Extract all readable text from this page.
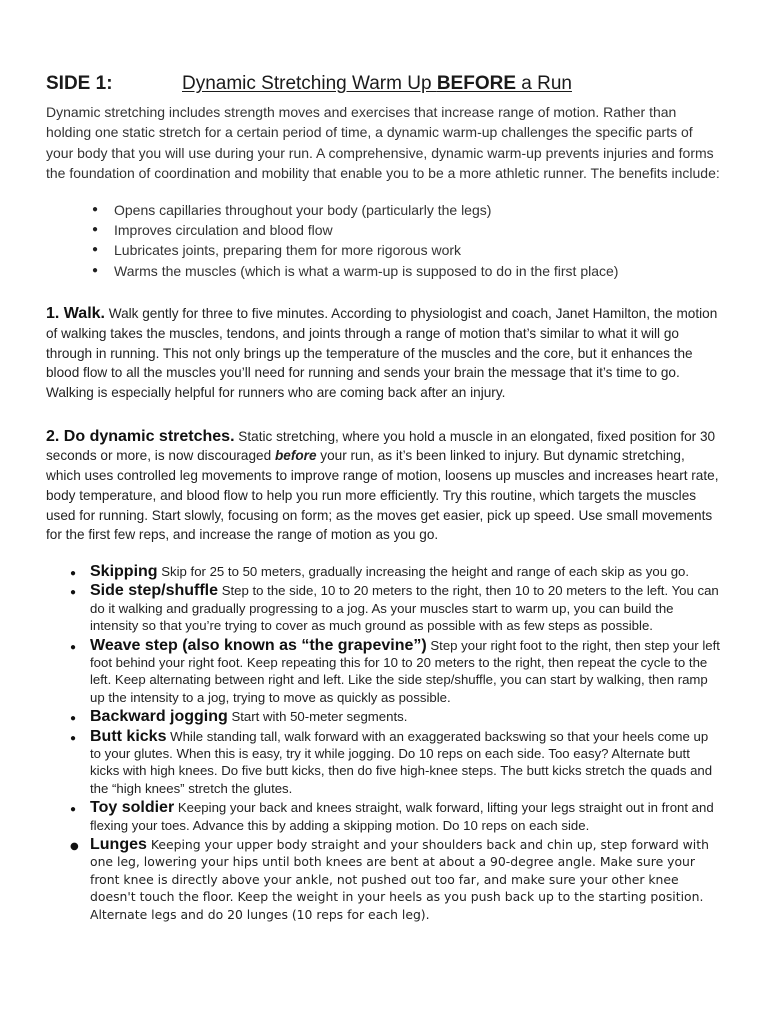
SIDE 1:	Dynamic Stretching Warm Up BEFORE a Run

Dynamic stretching includes strength moves and exercises that increase range of motion. Rather than holding one static stretch for a certain period of time, a dynamic warm-up challenges the specific parts of your body that you will use during your run. A comprehensive, dynamic warm-up prevents injuries and forms the foundation of coordination and mobility that enable you to be a more athletic runner. The benefits include:

● Opens capillaries throughout your body (particularly the legs)
● Improves circulation and blood flow
● Lubricates joints, preparing them for more rigorous work
● Warms the muscles (which is what a warm-up is supposed to do in the first place)

1. Walk. Walk gently for three to five minutes. According to physiologist and coach, Janet Hamilton, the motion of walking takes the muscles, tendons, and joints through a range of motion that’s similar to what it will go through in running. This not only brings up the temperature of the muscles and the core, but it enhances the blood flow to all the muscles you’ll need for running and sends your brain the message that it’s time to go. Walking is especially helpful for runners who are coming back after an injury.

2. Do dynamic stretches. Static stretching, where you hold a muscle in an elongated, fixed position for 30 seconds or more, is now discouraged before your run, as it’s been linked to injury. But dynamic stretching, which uses controlled leg movements to improve range of motion, loosens up muscles and increases heart rate, body temperature, and blood flow to help you run more efficiently. Try this routine, which targets the muscles used for running. Start slowly, focusing on form; as the moves get easier, pick up speed. Use small movements for the first few reps, and increase the range of motion as you go.

● Skipping Skip for 25 to 50 meters, gradually increasing the height and range of each skip as you go.
● Side step/shuffle Step to the side, 10 to 20 meters to the right, then 10 to 20 meters to the left. You can do it walking and gradually progressing to a jog. As your muscles start to warm up, you can build the intensity so that you’re trying to cover as much ground as possible with as few steps as possible.
● Weave step (also known as “the grapevine”) Step your right foot to the right, then step your left foot behind your right foot. Keep repeating this for 10 to 20 meters to the right, then repeat the cycle to the left. Keep alternating between right and left. Like the side step/shuffle, you can start by walking, then ramp up the intensity to a jog, trying to move as quickly as possible.
● Backward jogging Start with 50-meter segments.
● Butt kicks While standing tall, walk forward with an exaggerated backswing so that your heels come up to your glutes. When this is easy, try it while jogging. Do 10 reps on each side. Too easy? Alternate butt kicks with high knees. Do five butt kicks, then do five high-knee steps. The butt kicks stretch the quads and the “high knees” stretch the glutes.
● Toy soldier Keeping your back and knees straight, walk forward, lifting your legs straight out in front and flexing your toes. Advance this by adding a skipping motion. Do 10 reps on each side.
● Lunges Keeping your upper body straight and your shoulders back and chin up, step forward with one leg, lowering your hips until both knees are bent at about a 90-degree angle. Make sure your front knee is directly above your ankle, not pushed out too far, and make sure your other knee doesn't touch the floor. Keep the weight in your heels as you push back up to the starting position. Alternate legs and do 20 lunges (10 reps for each leg).
